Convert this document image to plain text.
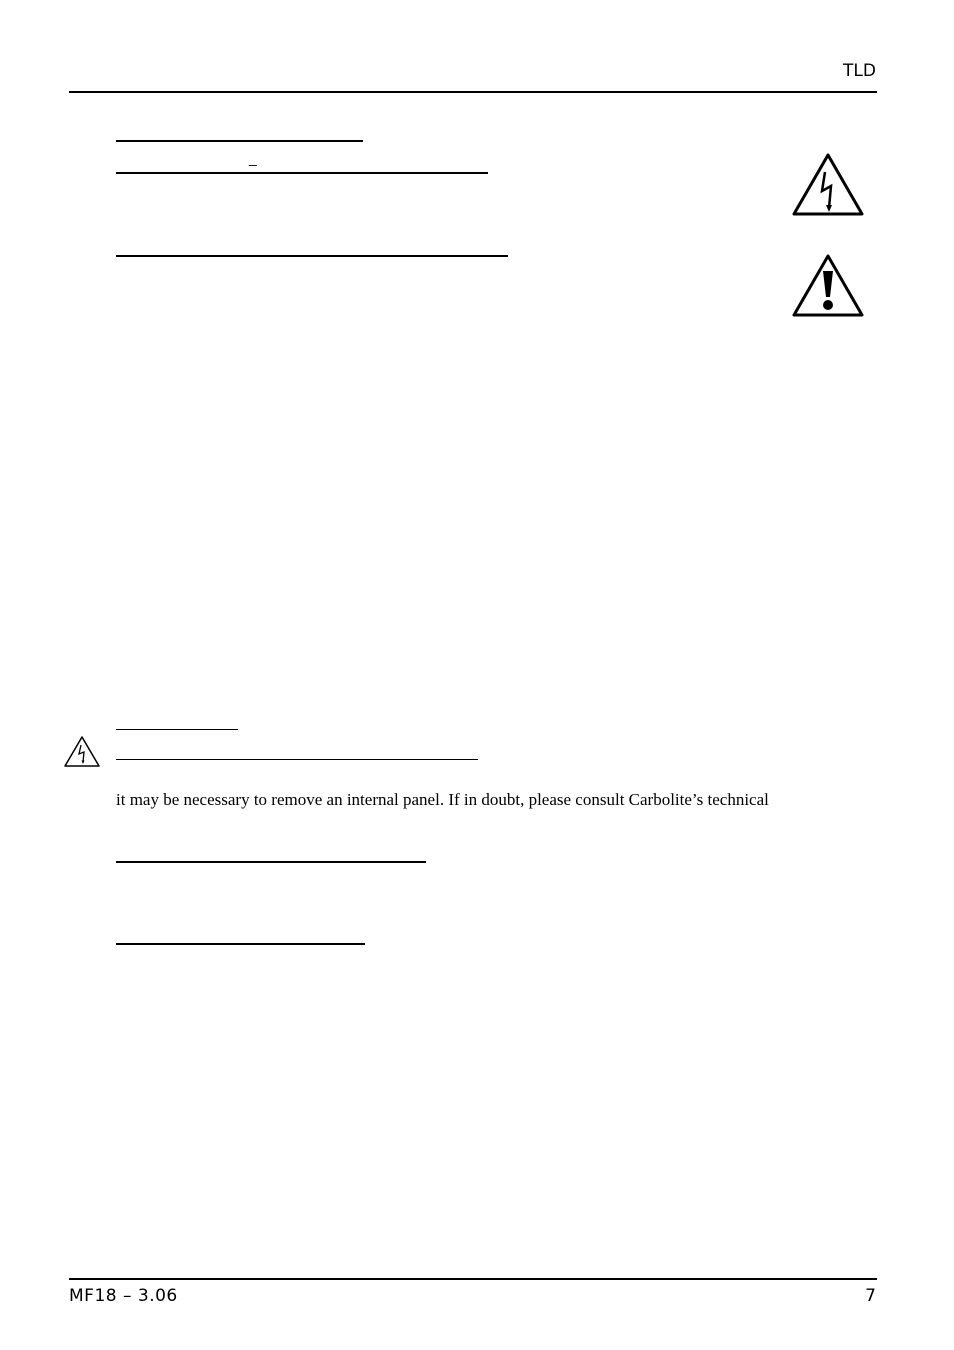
TLD
_
it may be necessary to remove an internal panel. If in doubt, please consult Carbolite’s technical
MF18 – 3.06	7
